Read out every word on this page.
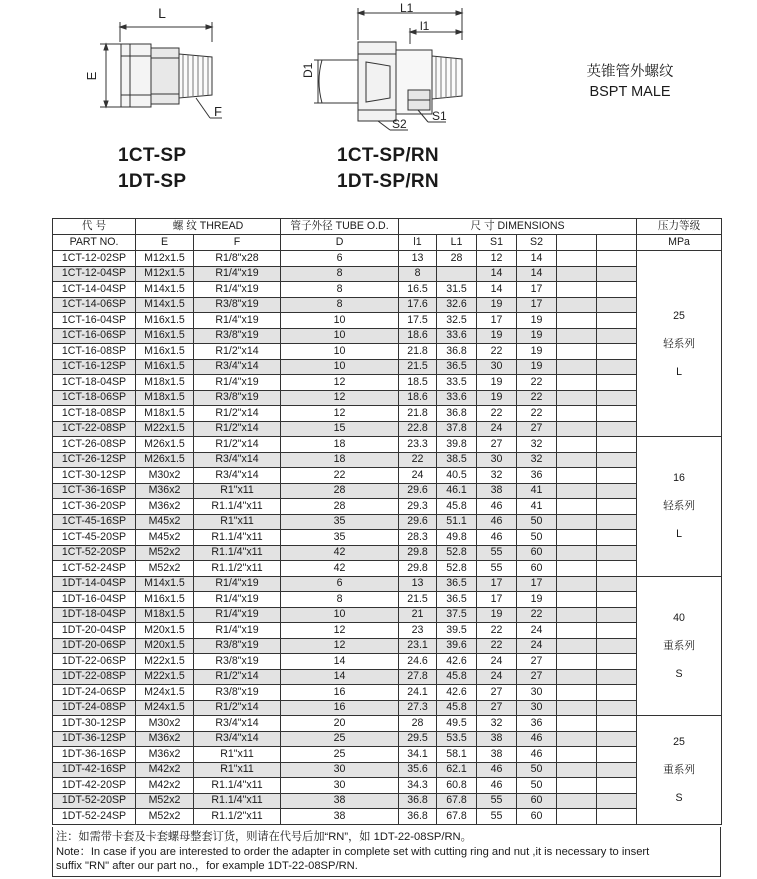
L
E
F
L1
l1
D1
S2
S1
1CT-SP
1DT-SP
1CT-SP/RN
1DT-SP/RN
英锥管外螺纹
BSPT MALE
代 号	螺 纹 THREAD		管子外径 TUBE O.D.	尺 寸 DIMENSIONS						压力等级
PART NO.	E	F	D	l1	L1	S1	S2			MPa
1CT-12-02SP	M12x1.5	R1/8"x28	6	13	28	12	14			25
轻系列
L

1CT-12-04SP	M12x1.5	R1/4"x19	8	8		14	14			
1CT-14-04SP	M14x1.5	R1/4"x19	8	16.5	31.5	14	17			
1CT-14-06SP	M14x1.5	R3/8"x19	8	17.6	32.6	19	17			
1CT-16-04SP	M16x1.5	R1/4"x19	10	17.5	32.5	17	19			
1CT-16-06SP	M16x1.5	R3/8"x19	10	18.6	33.6	19	19			
1CT-16-08SP	M16x1.5	R1/2"x14	10	21.8	36.8	22	19			
1CT-16-12SP	M16x1.5	R3/4"x14	10	21.5	36.5	30	19			
1CT-18-04SP	M18x1.5	R1/4"x19	12	18.5	33.5	19	22			
1CT-18-06SP	M18x1.5	R3/8"x19	12	18.6	33.6	19	22			
1CT-18-08SP	M18x1.5	R1/2"x14	12	21.8	36.8	22	22			
1CT-22-08SP	M22x1.5	R1/2"x14	15	22.8	37.8	24	27			
1CT-26-08SP	M26x1.5	R1/2"x14	18	23.3	39.8	27	32			16
轻系列
L

1CT-26-12SP	M26x1.5	R3/4"x14	18	22	38.5	30	32			
1CT-30-12SP	M30x2	R3/4"x14	22	24	40.5	32	36			
1CT-36-16SP	M36x2	R1"x11	28	29.6	46.1	38	41			
1CT-36-20SP	M36x2	R1.1/4"x11	28	29.3	45.8	46	41			
1CT-45-16SP	M45x2	R1"x11	35	29.6	51.1	46	50			
1CT-45-20SP	M45x2	R1.1/4"x11	35	28.3	49.8	46	50			
1CT-52-20SP	M52x2	R1.1/4"x11	42	29.8	52.8	55	60			
1CT-52-24SP	M52x2	R1.1/2"x11	42	29.8	52.8	55	60			
1DT-14-04SP	M14x1.5	R1/4"x19	6	13	36.5	17	17			40
重系列
S

1DT-16-04SP	M16x1.5	R1/4"x19	8	21.5	36.5	17	19			
1DT-18-04SP	M18x1.5	R1/4"x19	10	21	37.5	19	22			
1DT-20-04SP	M20x1.5	R1/4"x19	12	23	39.5	22	24			
1DT-20-06SP	M20x1.5	R3/8"x19	12	23.1	39.6	22	24			
1DT-22-06SP	M22x1.5	R3/8"x19	14	24.6	42.6	24	27			
1DT-22-08SP	M22x1.5	R1/2"x14	14	27.8	45.8	24	27			
1DT-24-06SP	M24x1.5	R3/8"x19	16	24.1	42.6	27	30			
1DT-24-08SP	M24x1.5	R1/2"x14	16	27.3	45.8	27	30			
1DT-30-12SP	M30x2	R3/4"x14	20	28	49.5	32	36			25
重系列
S

1DT-36-12SP	M36x2	R3/4"x14	25	29.5	53.5	38	46			
1DT-36-16SP	M36x2	R1"x11	25	34.1	58.1	38	46			
1DT-42-16SP	M42x2	R1"x11	30	35.6	62.1	46	50			
1DT-42-20SP	M42x2	R1.1/4"x11	30	34.3	60.8	46	50			
1DT-52-20SP	M52x2	R1.1/4"x11	38	36.8	67.8	55	60			
1DT-52-24SP	M52x2	R1.1/2"x11	38	36.8	67.8	55	60			
注：如需带卡套及卡套螺母整套订货，则请在代号后加“RN”，如 1DT-22-08SP/RN。
Note：In case if you are interested to order the adapter in complete set with cutting ring and nut ,it is necessary to insert
suffix "RN" after our part no.，for example 1DT-22-08SP/RN.
